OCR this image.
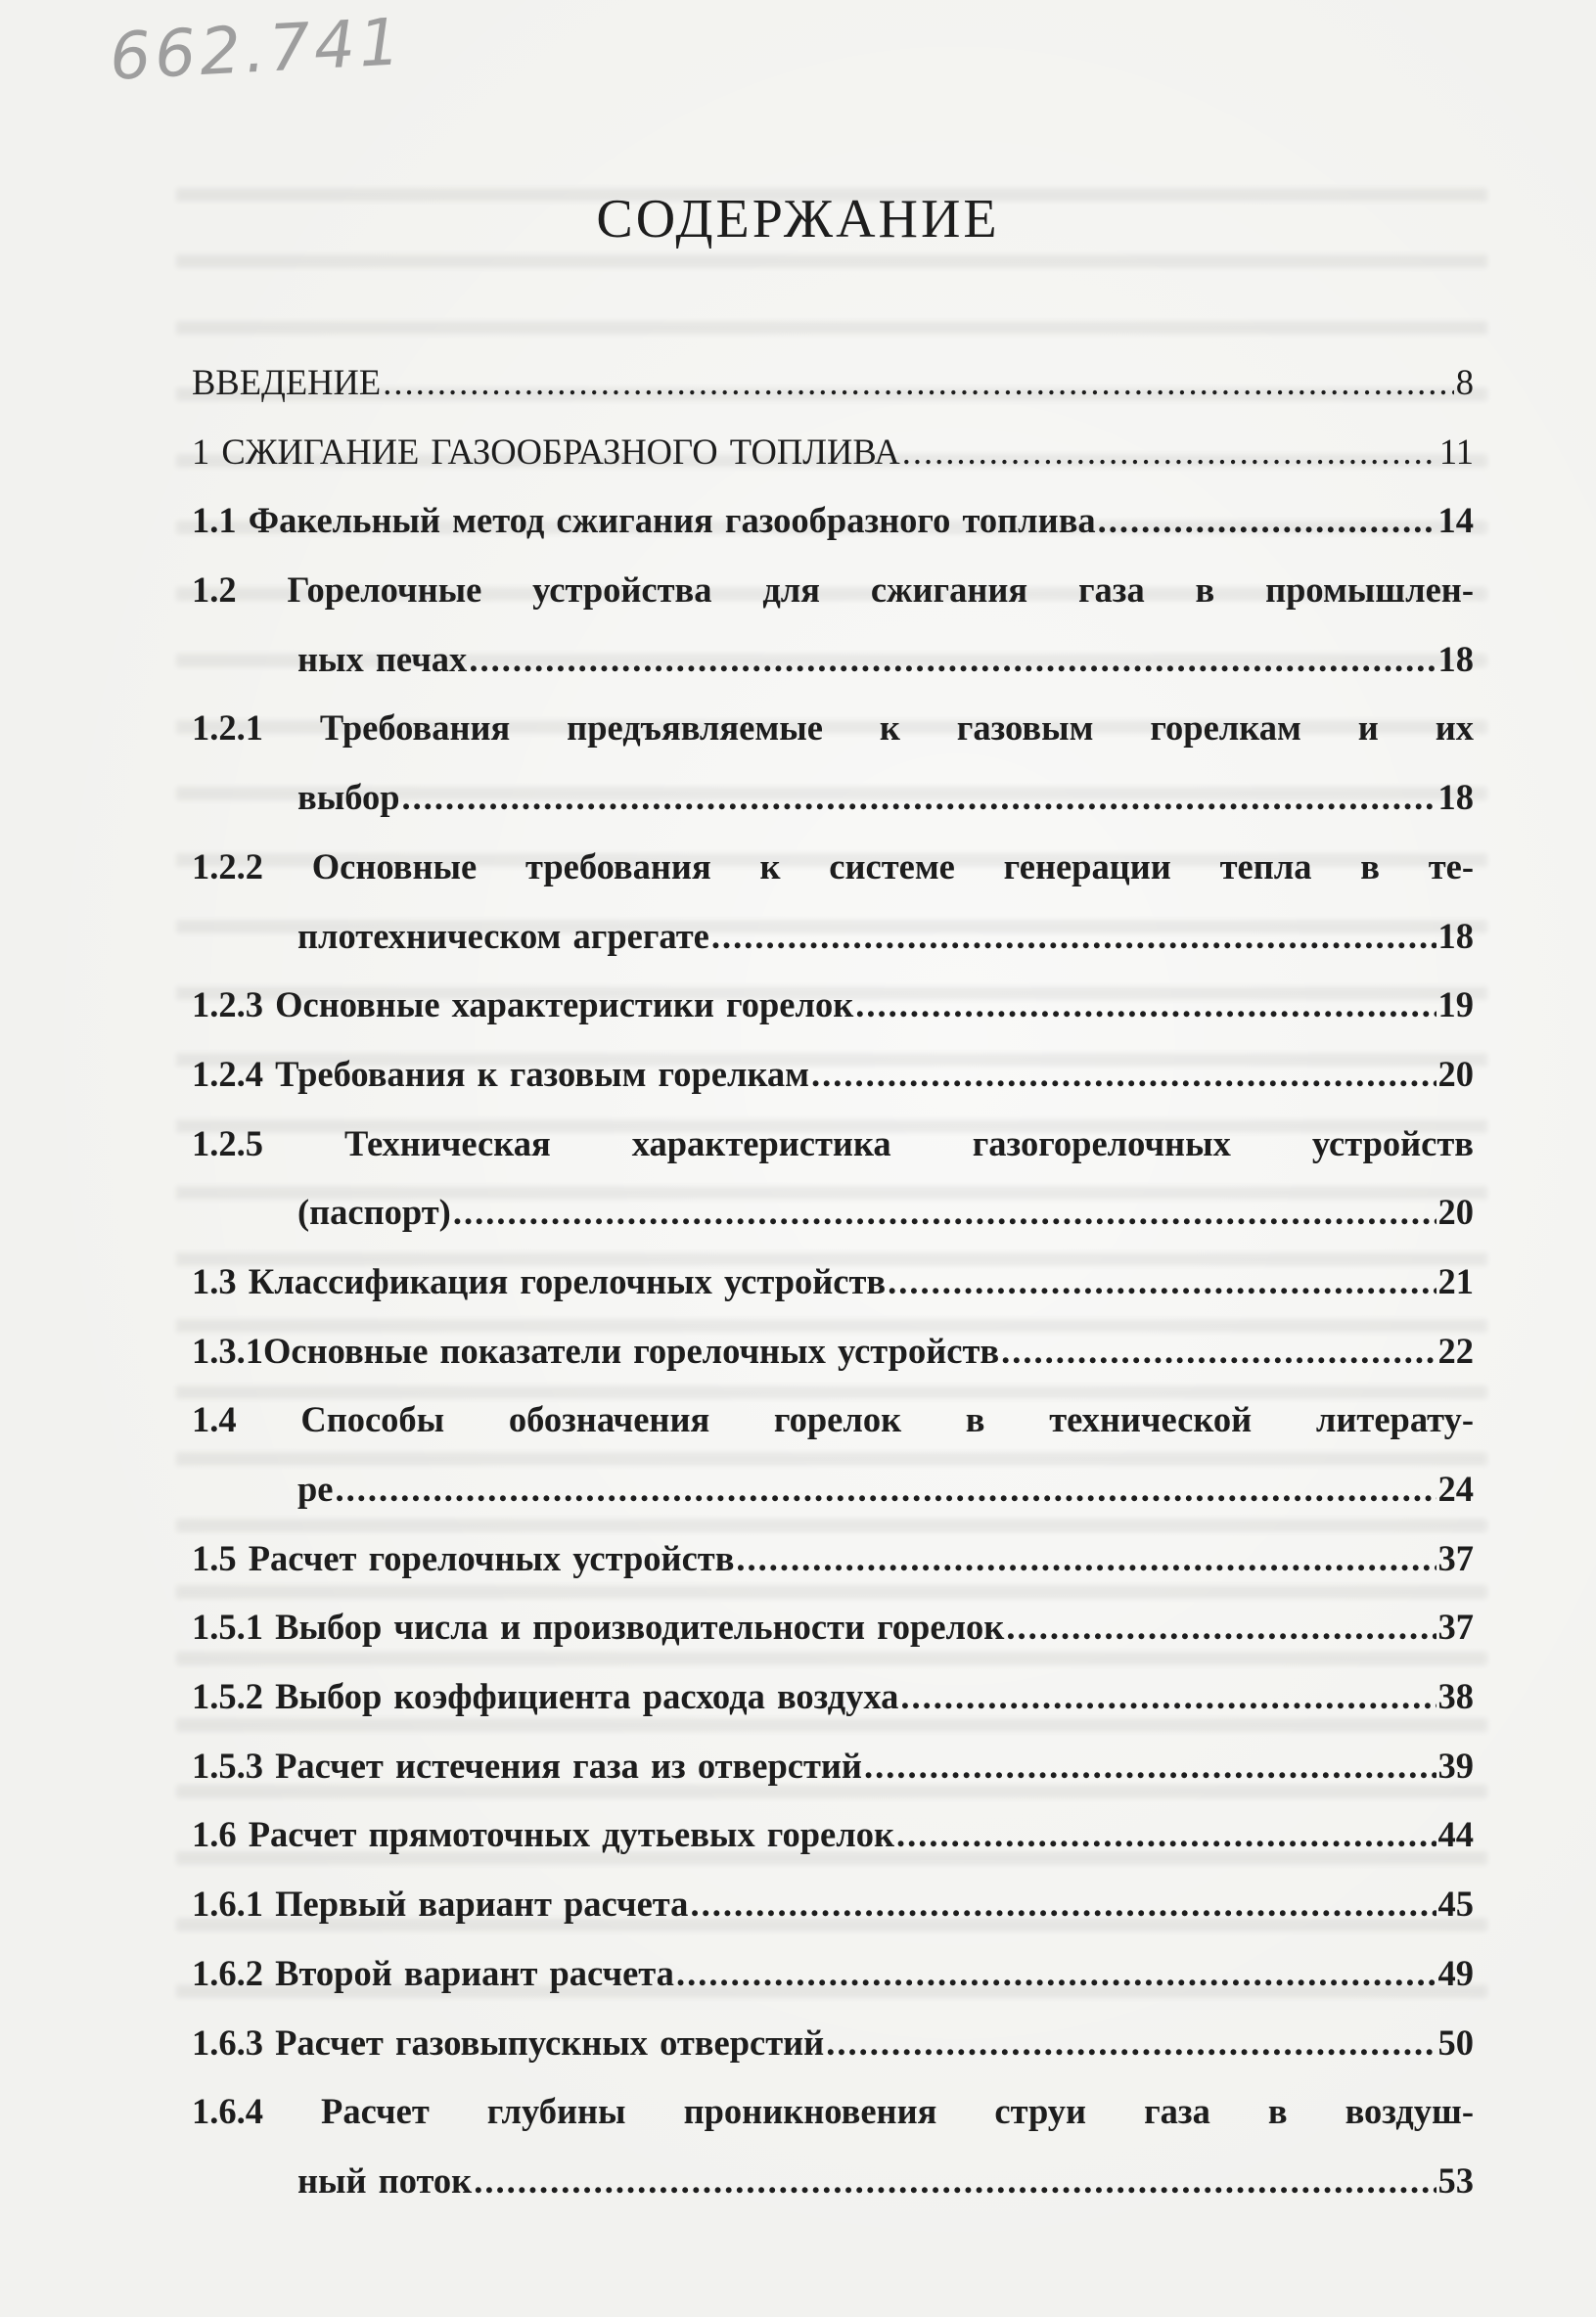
662.741
СОДЕРЖАНИЕ
ВВЕДЕНИЕ .....	8
1 СЖИГАНИЕ ГАЗООБРАЗНОГО ТОПЛИВА .....	11
1.1 Факельный метод сжигания газообразного топлива .....	14
1.2 Горелочные устройства для сжигания газа в промышлен-
ных печах .....	18
1.2.1 Требования предъявляемые к газовым горелкам и их
выбор .....	18
1.2.2 Основные требования к системе генерации тепла в те-
плотехническом агрегате .....	18
1.2.3 Основные характеристики горелок .....	19
1.2.4 Требования к газовым горелкам .....	20
1.2.5 Техническая характеристика газогорелочных устройств
(паспорт) .....	20
1.3 Классификация горелочных устройств .....	21
1.3.1Основные показатели горелочных устройств .....	22
1.4 Способы обозначения горелок в технической литерату-
ре .....	24
1.5 Расчет горелочных устройств .....	37
1.5.1 Выбор числа и производительности горелок .....	37
1.5.2 Выбор коэффициента расхода воздуха .....	38
1.5.3 Расчет истечения газа из отверстий .....	39
1.6 Расчет прямоточных дутьевых горелок .....	44
1.6.1 Первый вариант расчета .....	45
1.6.2 Второй вариант расчета .....	49
1.6.3 Расчет газовыпускных отверстий .....	50
1.6.4 Расчет глубины проникновения струи газа в воздуш-
ный поток .....	53
